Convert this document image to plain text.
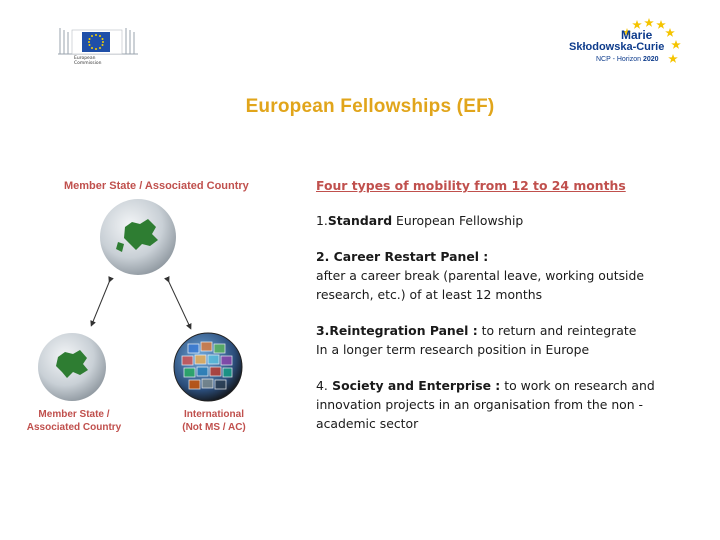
European Commission
Marie
Skłodowska-Curie
NCP - Horizon 2020
European Fellowships (EF)
Member State / Associated Country
Member State /
Associated Country
International
(Not MS / AC)
Four types of mobility from 12 to 24 months
1.Standard European Fellowship
2. Career Restart Panel :
after a career break (parental leave, working outside research, etc.) of at least 12 months
3.Reintegration Panel : to return and reintegrate
In a longer term research position in Europe
4. Society and Enterprise : to work on research and innovation projects in an organisation from the non -academic sector
